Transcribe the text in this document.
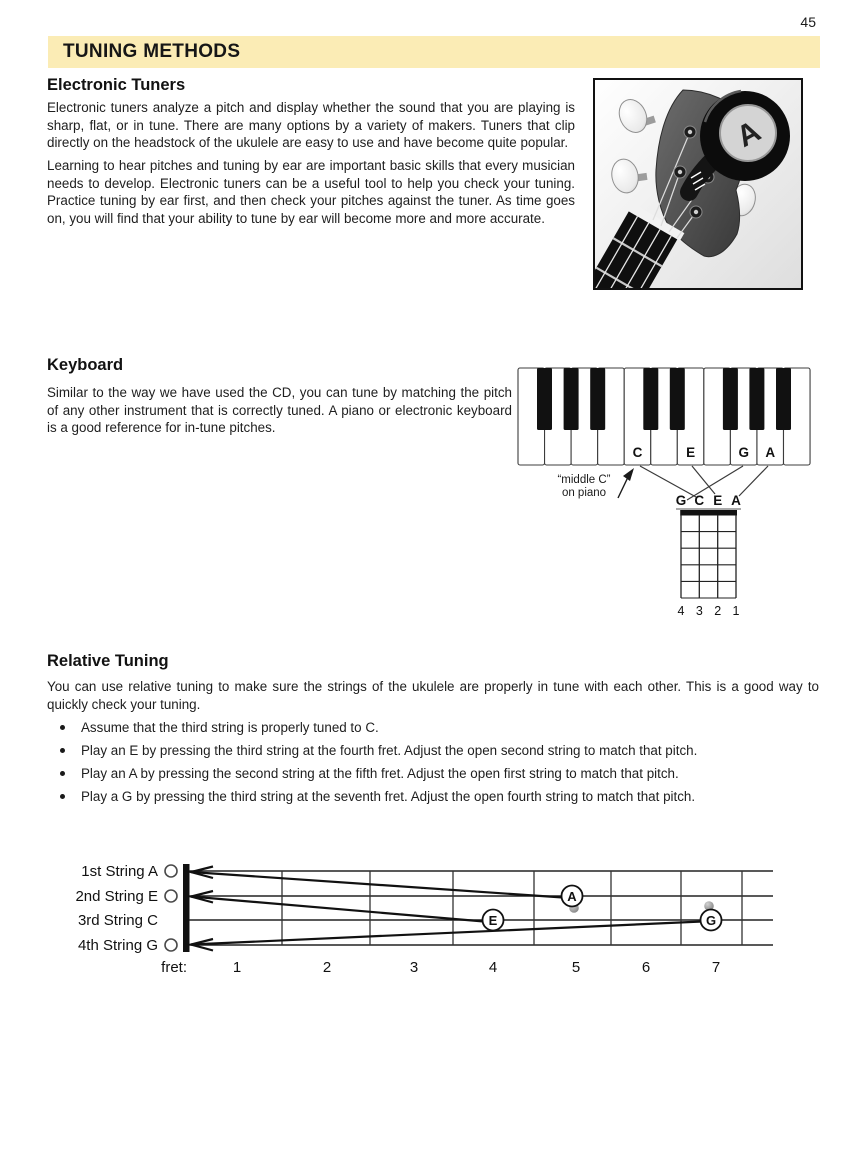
45
TUNING METHODS
Electronic Tuners
Electronic tuners analyze a pitch and display whether the sound that you are playing is sharp, flat, or in tune. There are many options by a variety of makers. Tuners that clip directly on the headstock of the ukulele are easy to use and have become quite popular.
Learning to hear pitches and tuning by ear are important basic skills that every musician needs to develop. Electronic tuners can be a useful tool to help you check your tuning. Practice tuning by ear first, and then check your pitches against the tuner. As time goes on, you will find that your ability to tune by ear will become more and more accurate.
A
Keyboard
Similar to the way we have used the CD, you can tune by matching the pitch of any other instrument that is correctly tuned. A piano or electronic keyboard is a good reference for in-tune pitches.
C	E	G A
“middle C”
on piano	G C E A
4 3 2 1
Relative Tuning
You can use relative tuning to make sure the strings of the ukulele are properly in tune with each other. This is a good way to quickly check your tuning.
Assume that the third string is properly tuned to C.
Play an E by pressing the third string at the fourth fret. Adjust the open second string to match that pitch.
Play an A by pressing the second string at the fifth fret. Adjust the open first string to match that pitch.
Play a G by pressing the third string at the seventh fret. Adjust the open fourth string to match that pitch.
1st String A
2nd String E
3rd String C
4th String G
E
A
G
fret:	1	2	3	4	5	6	7
